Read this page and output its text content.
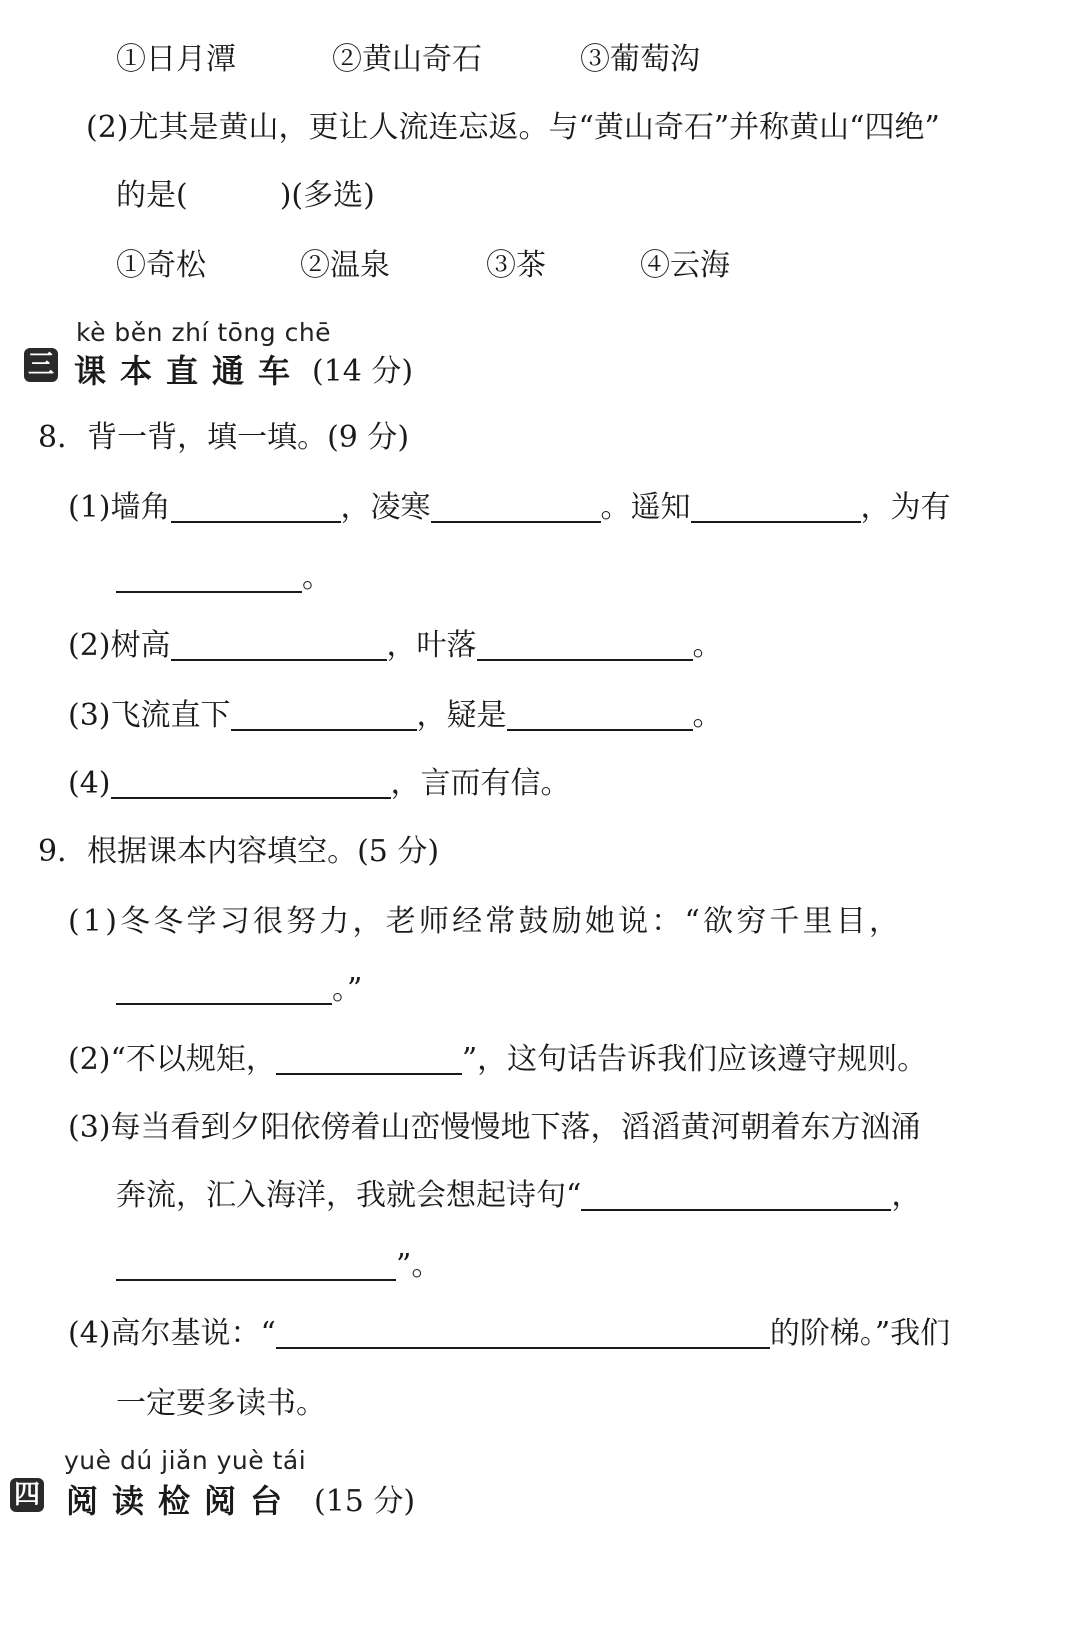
①日月潭	②黄山奇石	③葡萄沟
(2)尤其是黄山，更让人流连忘返。与“黄山奇石”并称黄山“四绝”
的是(	)(多选)
①奇松	②温泉	③茶	④云海
kè běn zhí tōng chē
三 课本直通车 (14 分)
8．背一背，填一填。(9 分)
(1)墙角	，凌寒	。遥知	，为有
。
(2)树高	，叶落	。
(3)飞流直下	，疑是	。
(4)	，言而有信。
9．根据课本内容填空。(5 分)
(1)冬冬学习很努力，老师经常鼓励她说：“欲穷千里目，
。”
(2)“不以规矩，	”，这句话告诉我们应该遵守规则。
(3)每当看到夕阳依傍着山峦慢慢地下落，滔滔黄河朝着东方汹涌
奔流，汇入海洋，我就会想起诗句“	，
”。
(4)高尔基说：“	的阶梯。”我们
一定要多读书。
yuè dú jiǎn yuè tái
四 阅读检阅台 (15 分)
